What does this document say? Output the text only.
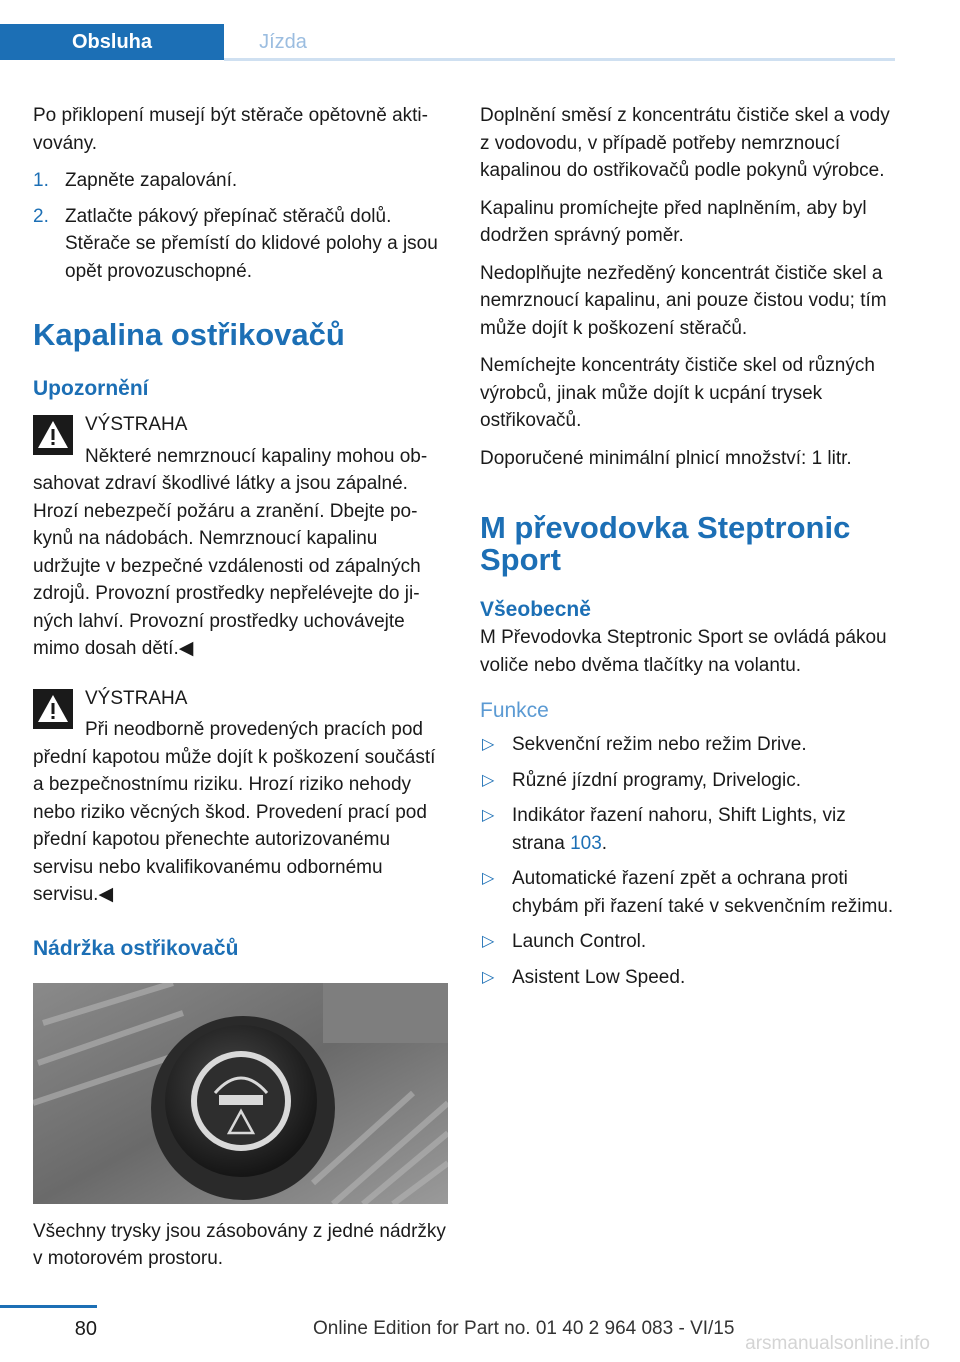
Obsluha	Jízda

Po přiklopení musejí být stěrače opětovně aktivovány.

1. Zapněte zapalování.
2. Zatlačte pákový přepínač stěračů dolů. Stěrače se přemístí do klidové polohy a jsou opět provozuschopné.
Kapalina ostřikovačů
Upozornění
VÝSTRAHA
Některé nemrznoucí kapaliny mohou obsahovat zdraví škodlivé látky a jsou zápalné. Hrozí nebezpečí požáru a zranění. Dbejte pokynů na nádobách. Nemrznoucí kapalinu udržujte v bezpečné vzdálenosti od zápalných zdrojů. Provozní prostředky nepřelévejte do jiných lahví. Provozní prostředky uchovávejte mimo dosah dětí.◀
VÝSTRAHA
Při neodborně provedených pracích pod přední kapotou může dojít k poškození součástí a bezpečnostnímu riziku. Hrozí riziko nehody nebo riziko věcných škod. Provedení prací pod přední kapotou přenechte autorizovanému servisu nebo kvalifikovanému odbornému servisu.◀
Nádržka ostřikovačů

Všechny trysky jsou zásobovány z jedné nádržky v motorovém prostoru.

Doplnění směsí z koncentrátu čističe skel a vody z vodovodu, v případě potřeby nemrznoucí kapalinou do ostřikovačů podle pokynů výrobce.

Kapalinu promíchejte před naplněním, aby byl dodržen správný poměr.

Nedoplňujte nezředěný koncentrát čističe skel a nemrznoucí kapalinu, ani pouze čistou vodu; tím může dojít k poškození stěračů.

Nemíchejte koncentráty čističe skel od různých výrobců, jinak může dojít k ucpání trysek ostřikovačů.

Doporučené minimální plnicí množství: 1 litr.

M převodovka Steptronic Sport
Všeobecně

M Převodovka Steptronic Sport se ovládá pákou voliče nebo dvěma tlačítky na volantu.

Funkce
▷ Sekvenční režim nebo režim Drive.
▷ Různé jízdní programy, Drivelogic.
▷ Indikátor řazení nahoru, Shift Lights, viz strana 103.
▷ Automatické řazení zpět a ochrana proti chybám při řazení také v sekvenčním režimu.
▷ Launch Control.
▷ Asistent Low Speed.
80	Online Edition for Part no. 01 40 2 964 083 - VI/15
arsmanualsonline.info
